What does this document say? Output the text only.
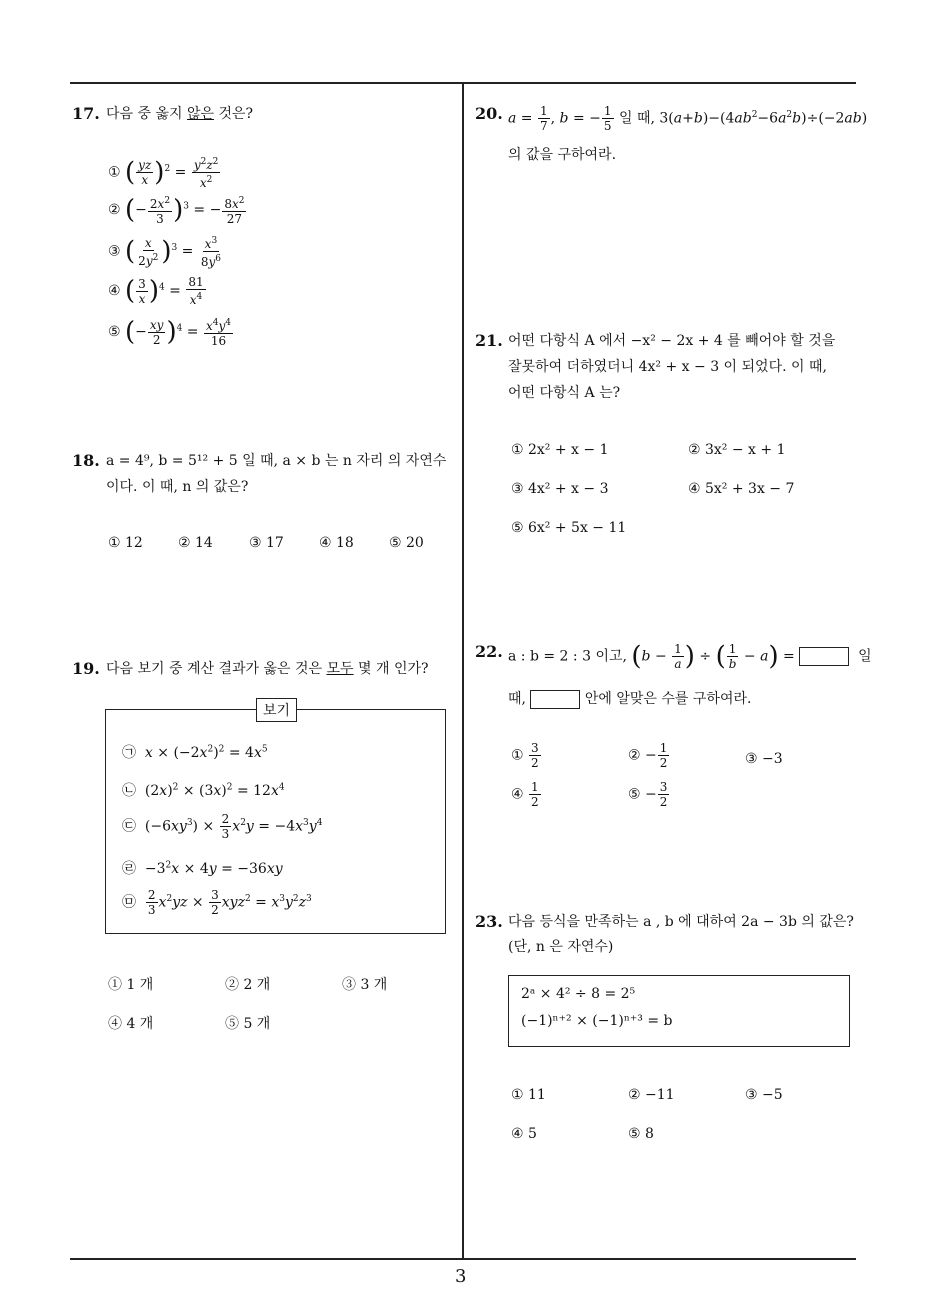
3
17. 다음 중 옳지 않은 것은?
① ( $\frac{yz}{x} )^2 = \frac{y^2z^2}{x^2}$
② (− $\frac{2x^2}{3} )^3$ = − $\frac{8x^2}{27}$
③ ( $\frac{x}{2y^2} )^3 = \frac{x^3}{8y^6}$
④ ( $\frac{3}{x} )^4 = \frac{81}{x^4}$
⑤ (− $\frac{xy}{2} )^4 = \frac{x^4y^4}{16}$
18. a = 4⁹, b = 5¹² + 5 일 때, a × b 는 n 자리 의 자연수
이다. 이 때, n 의 값은?
① 12	② 14	③ 17	④ 18	⑤ 20
19. 다음 보기 중 계산 결과가 옳은 것은 모두 몇 개 인가?
보기
㉠ $x \times (-2x^2)^2 = 4x^5$
㉡  $(2x)^2 \times (3x)^2 = 12x^4$
㉢  $(-6xy^3) \times \frac{2}{3} x^2y = -4x^3y^4$
㉣  $-3^2x \times 4y = -36xy$
㉤ $\frac{2}{3} x^2yz \times \frac{3}{2} xyz^2 = x^3y^2z^3$
① 1 개	② 2 개	③ 3 개
④ 4 개	⑤ 5 개
20. $a = \frac{1}{7}$ , b = − $\frac{1}{5}$ 일 때, $3(a+b)-(4ab^2-6a^2b)\div(-2ab)$
의 값을 구하여라.
21. 어떤 다항식 A 에서 −x² − 2x + 4 를 빼어야 할 것을
잘못하여 더하였더니 4x² + x − 3 이 되었다. 이 때,
어떤 다항식 A 는?
① 2x² + x − 1	② 3x² − x + 1
③ 4x² + x − 3	④ 5x² + 3x − 7
⑤ 6x² + 5x − 11
22. a : b = 2 : 3 이고, ($b - \frac{1}{a}$ ) ÷ ( $\frac{1}{b} - a$) =	일
때,	안에 알맞은 수를 구하여라.
① $\frac{3}{2}$	② − $\frac{1}{2}$	③ −3
④ $\frac{1}{2}$	⑤ − $\frac{3}{2}$
23. 다음 등식을 만족하는 a , b 에 대하여 2a − 3b 의 값은?
(단, n 은 자연수)
2ᵃ × 4² ÷ 8 = 2⁵
(−1)ⁿ⁺² × (−1)ⁿ⁺³ = b
① 11	② −11	③ −5
④ 5	⑤ 8
